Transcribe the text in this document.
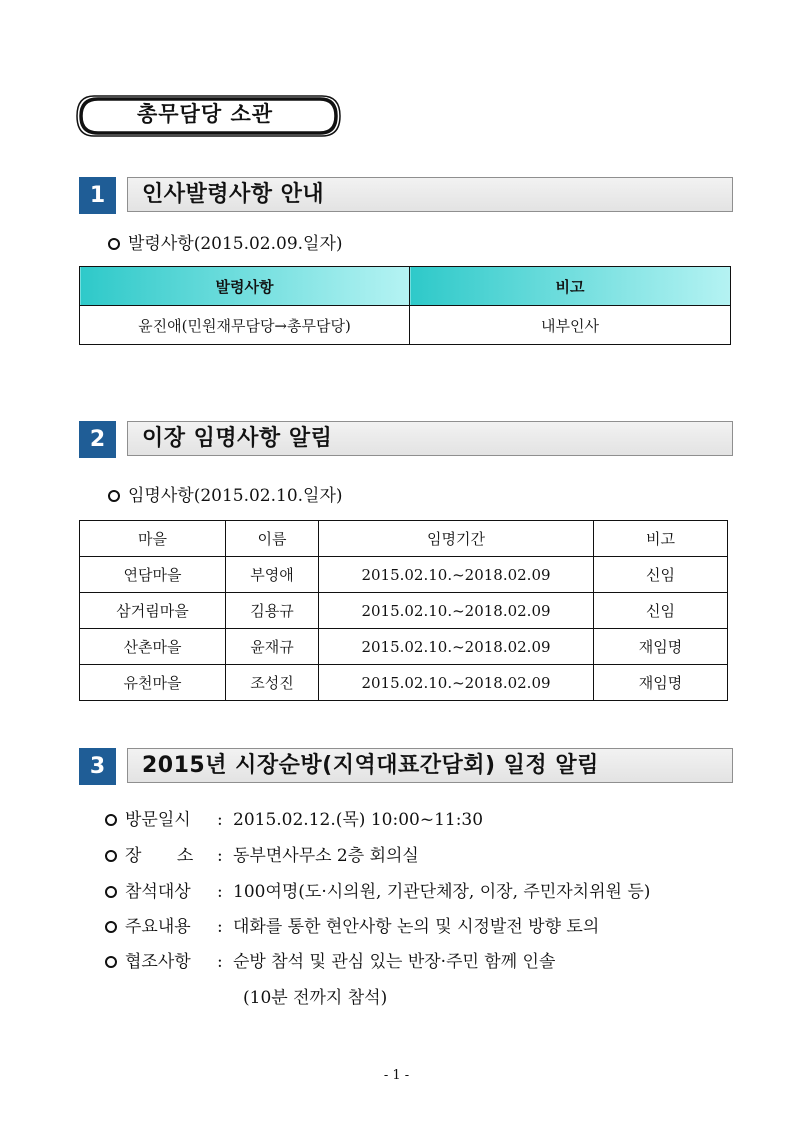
총무담당 소관
1	인사발령사항 안내
발령사항(2015.02.09.일자)
발령사항	비고
윤진애(민원재무담당→총무담당)	내부인사
2	이장 임명사항 알림
임명사항(2015.02.10.일자)
마을	이름	임명기간	비고
연담마을	부영애	2015.02.10.~2018.02.09	신임
삼거림마을	김용규	2015.02.10.~2018.02.09	신임
산촌마을	윤재규	2015.02.10.~2018.02.09	재임명
유천마을	조성진	2015.02.10.~2018.02.09	재임명
3	2015년 시장순방(지역대표간담회) 일정 알림
방문일시 : 2015.02.12.(목) 10:00~11:30
장 소 : 동부면사무소 2층 회의실
참석대상 : 100여명(도·시의원, 기관단체장, 이장, 주민자치위원 등)
주요내용 : 대화를 통한 현안사항 논의 및 시정발전 방향 토의
협조사항 : 순방 참석 및 관심 있는 반장·주민 함께 인솔
(10분 전까지 참석)
- 1 -
